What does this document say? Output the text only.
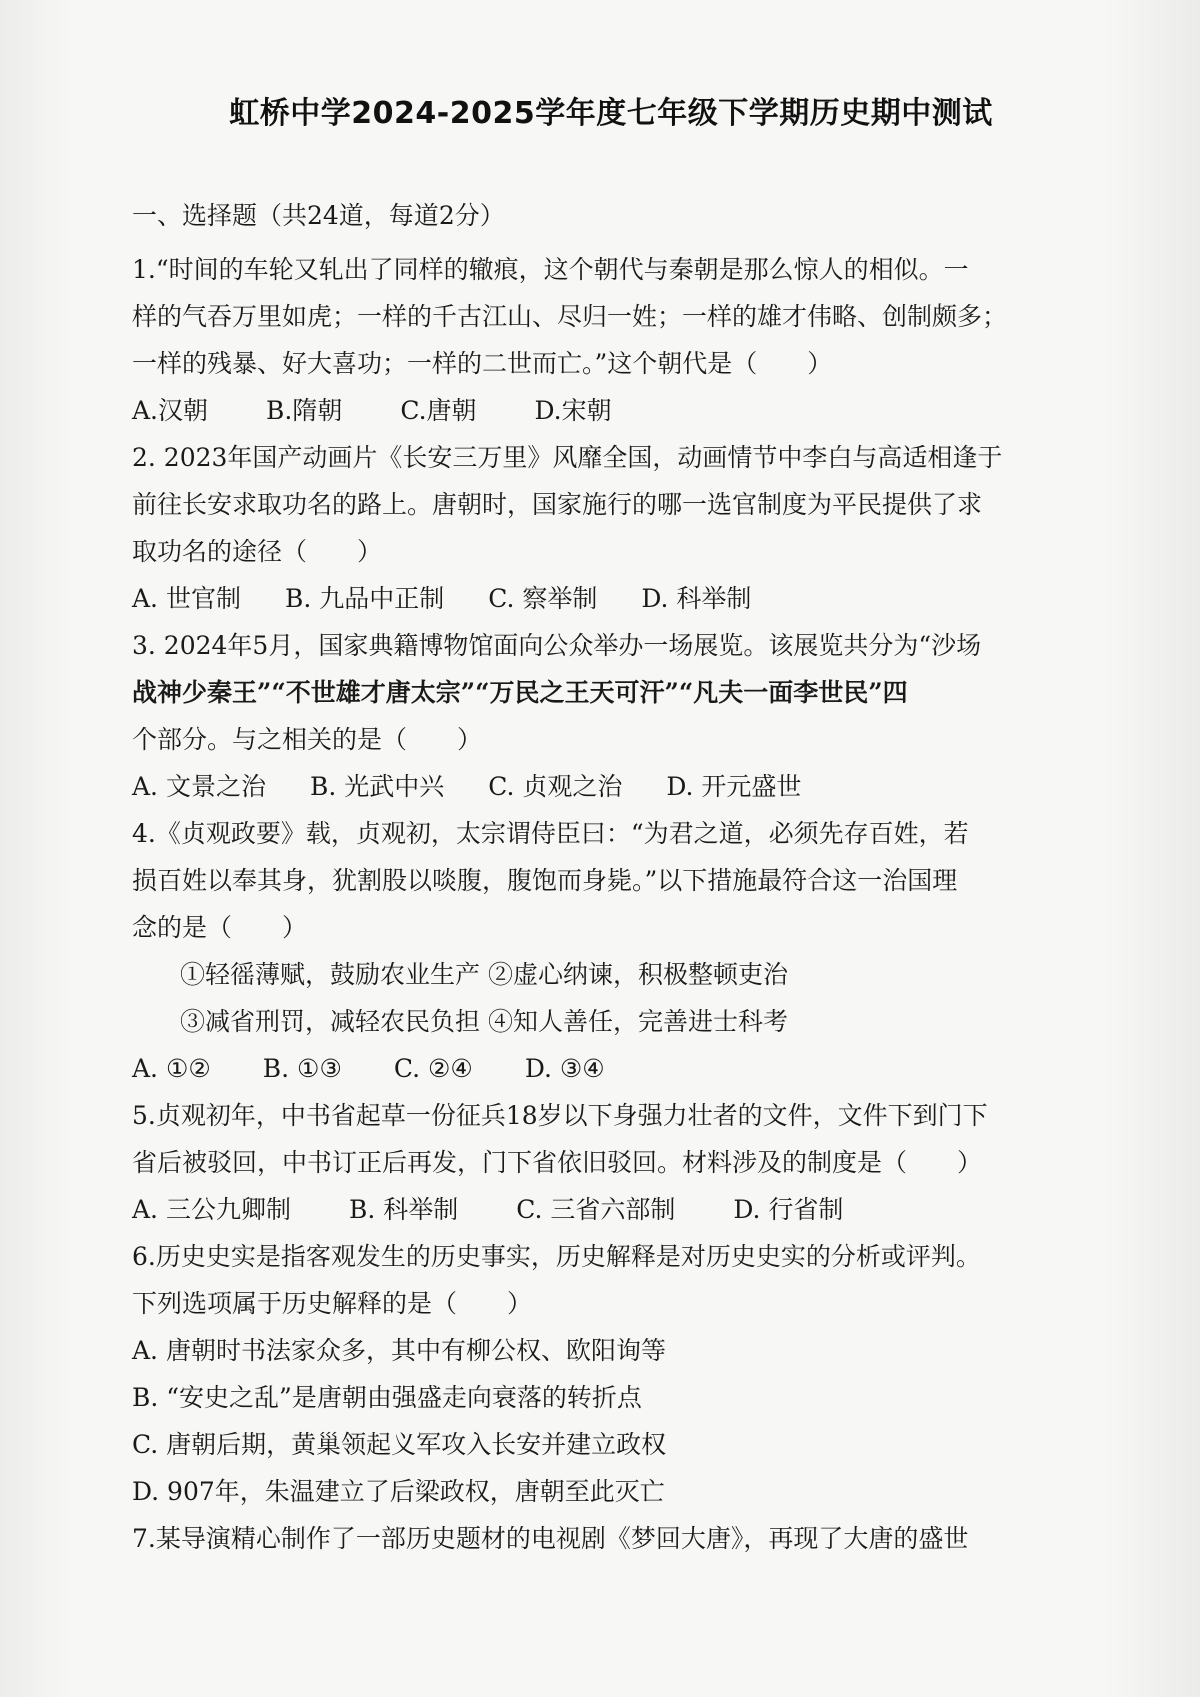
虹桥中学2024-2025学年度七年级下学期历史期中测试

一、选择题（共24道，每道2分）

1.“时间的车轮又轧出了同样的辙痕，这个朝代与秦朝是那么惊人的相似。一

样的气吞万里如虎；一样的千古江山、尽归一姓；一样的雄才伟略、创制颇多；

一样的残暴、好大喜功；一样的二世而亡。”这个朝代是（　　）

A.汉朝 B.隋朝 C.唐朝 D.宋朝

2. 2023年国产动画片《长安三万里》风靡全国，动画情节中李白与高适相逢于

前往长安求取功名的路上。唐朝时，国家施行的哪一选官制度为平民提供了求

取功名的途径（　　）

A. 世官制 B. 九品中正制 C. 察举制 D. 科举制

3. 2024年5月，国家典籍博物馆面向公众举办一场展览。该展览共分为“沙场

战神少秦王”“不世雄才唐太宗”“万民之王天可汗”“凡夫一面李世民”四

个部分。与之相关的是（　　）

A. 文景之治 B. 光武中兴 C. 贞观之治 D. 开元盛世

4.《贞观政要》载，贞观初，太宗谓侍臣曰：“为君之道，必须先存百姓，若

损百姓以奉其身，犹割股以啖腹，腹饱而身毙。”以下措施最符合这一治国理

念的是（　　）

①轻徭薄赋，鼓励农业生产 ②虚心纳谏，积极整顿吏治

③减省刑罚，减轻农民负担 ④知人善任，完善进士科考

A. ①② B. ①③ C. ②④ D. ③④

5.贞观初年，中书省起草一份征兵18岁以下身强力壮者的文件，文件下到门下

省后被驳回，中书订正后再发，门下省依旧驳回。材料涉及的制度是（　　）

A. 三公九卿制 B. 科举制 C. 三省六部制 D. 行省制

6.历史史实是指客观发生的历史事实，历史解释是对历史史实的分析或评判。

下列选项属于历史解释的是（　　）

A. 唐朝时书法家众多，其中有柳公权、欧阳询等

B. “安史之乱”是唐朝由强盛走向衰落的转折点

C. 唐朝后期，黄巢领起义军攻入长安并建立政权

D. 907年，朱温建立了后梁政权，唐朝至此灭亡

7.某导演精心制作了一部历史题材的电视剧《梦回大唐》，再现了大唐的盛世
